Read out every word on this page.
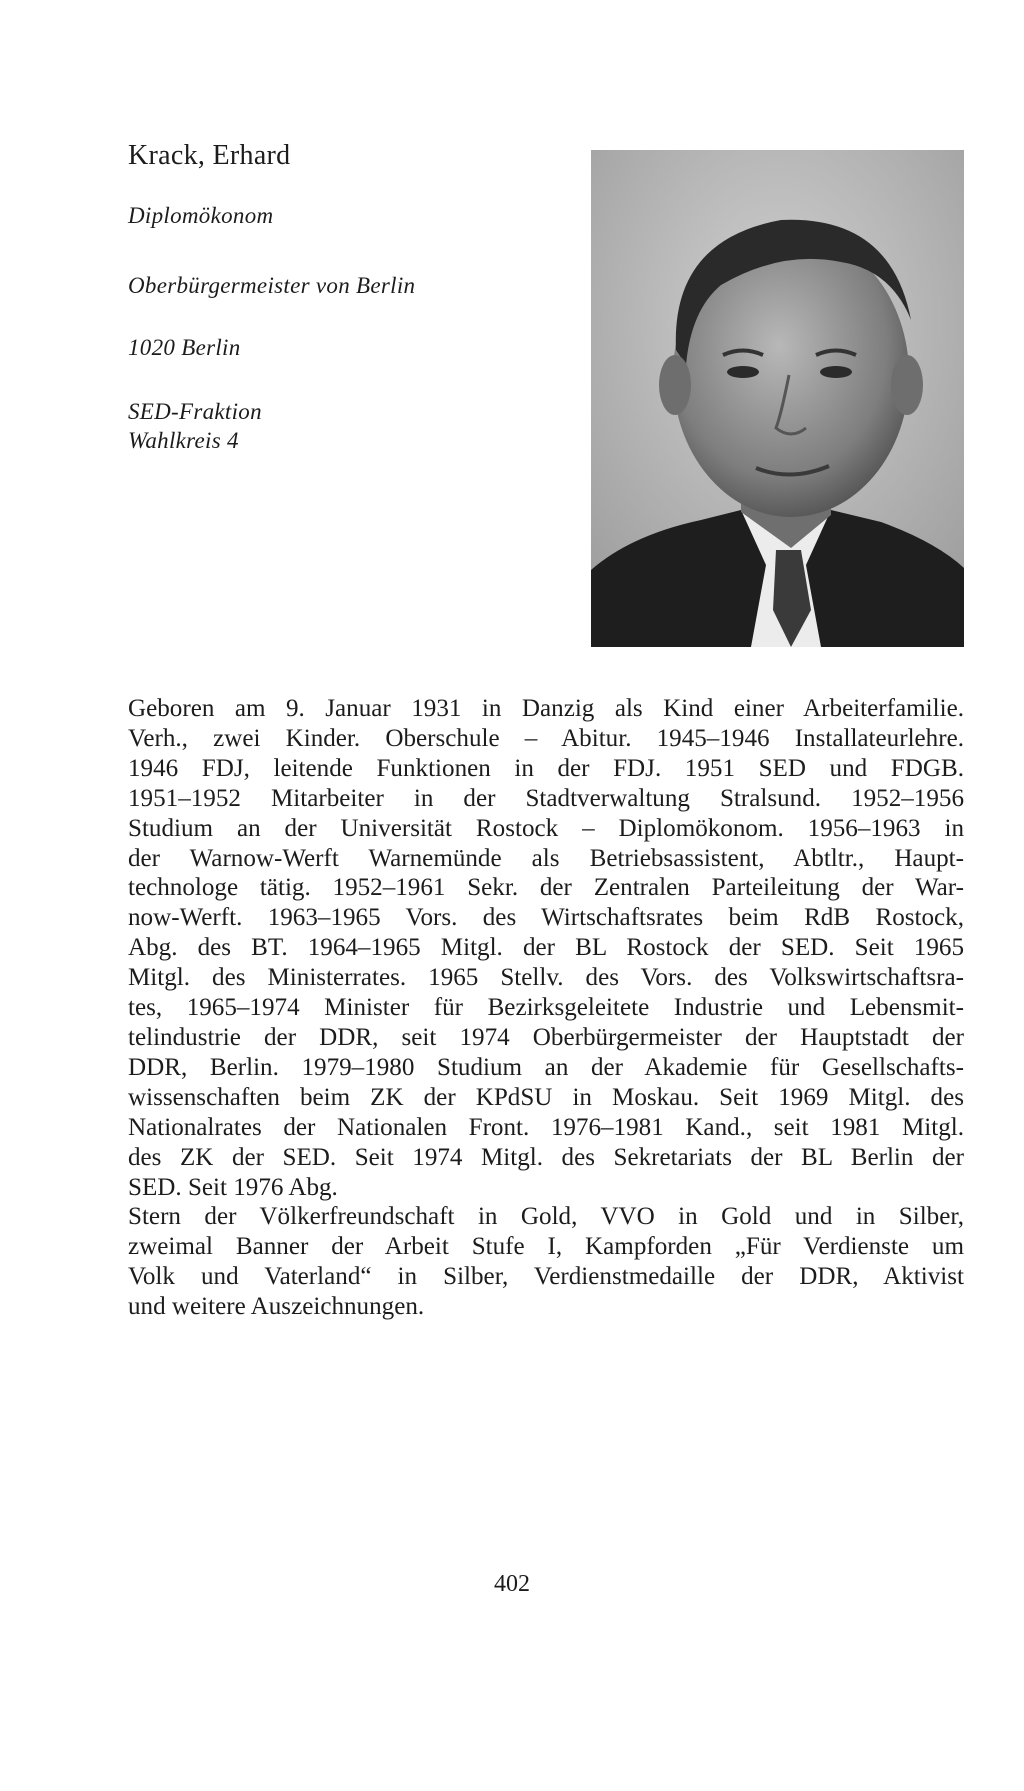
Krack, Erhard
Diplomökonom
Oberbürgermeister von Berlin
1020 Berlin
SED-Fraktion
Wahlkreis 4

Geboren am 9. Januar 1931 in Danzig als Kind einer Arbeiterfamilie.

Verh., zwei Kinder. Oberschule – Abitur. 1945–1946 Installateurlehre.

1946 FDJ, leitende Funktionen in der FDJ. 1951 SED und FDGB.

1951–1952 Mitarbeiter in der Stadtverwaltung Stralsund. 1952–1956

Studium an der Universität Rostock – Diplomökonom. 1956–1963 in

der Warnow-Werft Warnemünde als Betriebsassistent, Abtltr., Haupt-

technologe tätig. 1952–1961 Sekr. der Zentralen Parteileitung der War-

now-Werft. 1963–1965 Vors. des Wirtschaftsrates beim RdB Rostock,

Abg. des BT. 1964–1965 Mitgl. der BL Rostock der SED. Seit 1965

Mitgl. des Ministerrates. 1965 Stellv. des Vors. des Volkswirtschaftsra-

tes, 1965–1974 Minister für Bezirksgeleitete Industrie und Lebensmit-

telindustrie der DDR, seit 1974 Oberbürgermeister der Hauptstadt der

DDR, Berlin. 1979–1980 Studium an der Akademie für Gesellschafts-

wissenschaften beim ZK der KPdSU in Moskau. Seit 1969 Mitgl. des

Nationalrates der Nationalen Front. 1976–1981 Kand., seit 1981 Mitgl.

des ZK der SED. Seit 1974 Mitgl. des Sekretariats der BL Berlin der

SED. Seit 1976 Abg.

Stern der Völkerfreundschaft in Gold, VVO in Gold und in Silber,

zweimal Banner der Arbeit Stufe I, Kampforden „Für Verdienste um

Volk und Vaterland“ in Silber, Verdienstmedaille der DDR, Aktivist

und weitere Auszeichnungen.

402
